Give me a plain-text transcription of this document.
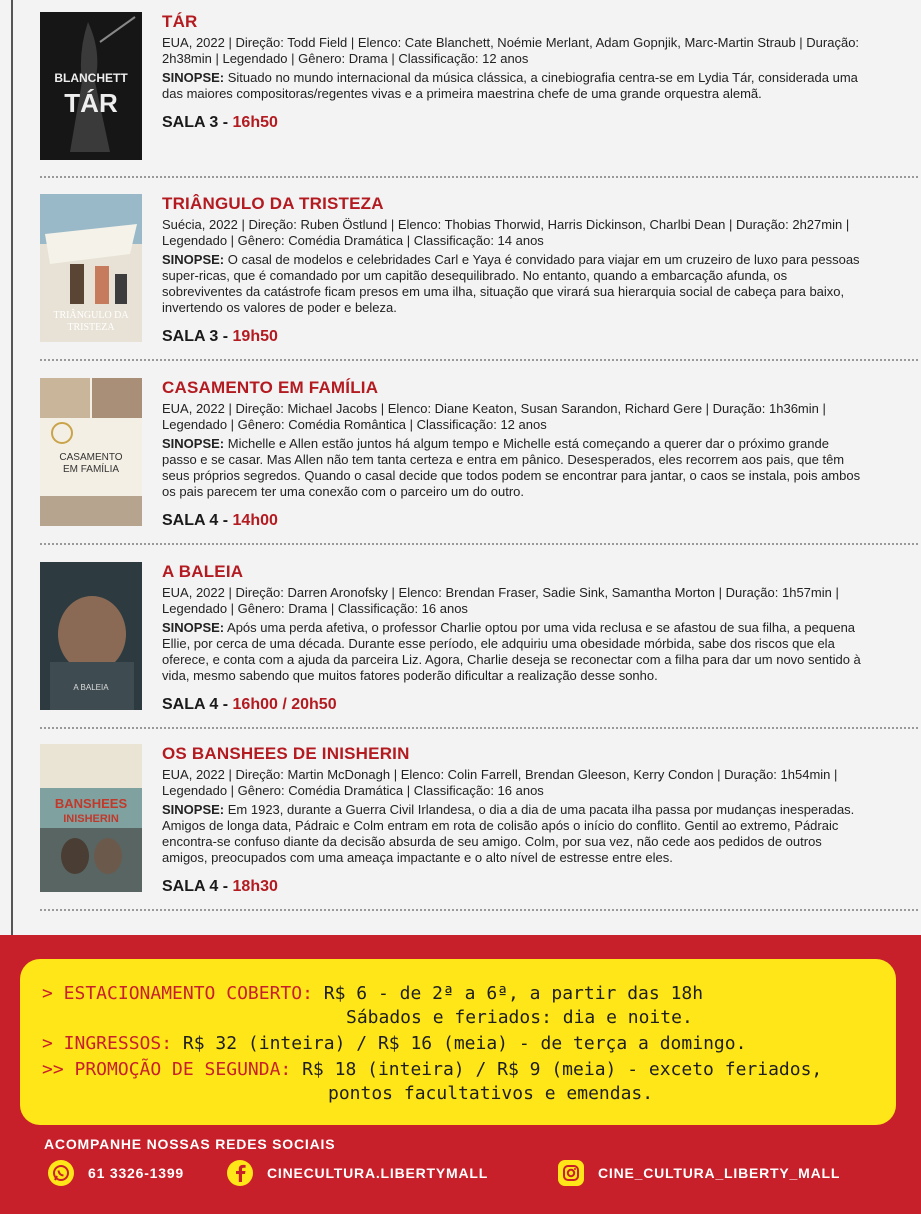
BLANCHETT
TÁR
TÁR
EUA, 2022 | Direção: Todd Field | Elenco: Cate Blanchett, Noémie Merlant, Adam Gopnjik, Marc-Martin Straub | Duração: 2h38min | Legendado | Gênero: Drama | Classificação: 12 anos
SINOPSE: Situado no mundo internacional da música clássica, a cinebiografia centra-se em Lydia Tár, considerada uma das maiores compositoras/regentes vivas e a primeira maestrina chefe de uma grande orquestra alemã.
SALA 3 - 16h50
TRIÂNGULO DA
TRISTEZA
TRIÂNGULO DA TRISTEZA
Suécia, 2022 | Direção: Ruben Östlund | Elenco: Thobias Thorwid, Harris Dickinson, Charlbi Dean | Duração: 2h27min | Legendado | Gênero: Comédia Dramática | Classificação: 14 anos
SINOPSE: O casal de modelos e celebridades Carl e Yaya é convidado para viajar em um cruzeiro de luxo para pessoas super-ricas, que é comandado por um capitão desequilibrado. No entanto, quando a embarcação afunda, os sobreviventes da catástrofe ficam presos em uma ilha, situação que virará sua hierarquia social de cabeça para baixo, invertendo os valores de poder e beleza.
SALA 3 - 19h50
CASAMENTO
EM FAMÍLIA
CASAMENTO EM FAMÍLIA
EUA, 2022 | Direção: Michael Jacobs | Elenco: Diane Keaton, Susan Sarandon, Richard Gere | Duração: 1h36min | Legendado | Gênero: Comédia Romântica | Classificação: 12 anos
SINOPSE: Michelle e Allen estão juntos há algum tempo e Michelle está começando a querer dar o próximo grande passo e se casar. Mas Allen não tem tanta certeza e entra em pânico. Desesperados, eles recorrem aos pais, que têm seus próprios segredos. Quando o casal decide que todos podem se encontrar para jantar, o caos se instala, pois ambos os pais parecem ter uma conexão com o parceiro um do outro.
SALA 4 - 14h00
A BALEIA
A BALEIA
EUA, 2022 | Direção: Darren Aronofsky | Elenco: Brendan Fraser, Sadie Sink, Samantha Morton | Duração: 1h57min | Legendado | Gênero: Drama | Classificação: 16 anos
SINOPSE: Após uma perda afetiva, o professor Charlie optou por uma vida reclusa e se afastou de sua filha, a pequena Ellie, por cerca de uma década. Durante esse período, ele adquiriu uma obesidade mórbida, sabe dos riscos que ela oferece, e conta com a ajuda da parceira Liz. Agora, Charlie deseja se reconectar com a filha para dar um novo sentido à vida, mesmo sabendo que muitos fatores poderão dificultar a realização desse sonho.
SALA 4 - 16h00 / 20h50
BANSHEES
INISHERIN
OS BANSHEES DE INISHERIN
EUA, 2022 | Direção: Martin McDonagh | Elenco: Colin Farrell, Brendan Gleeson, Kerry Condon | Duração: 1h54min | Legendado | Gênero: Comédia Dramática | Classificação: 16 anos
SINOPSE: Em 1923, durante a Guerra Civil Irlandesa, o dia a dia de uma pacata ilha passa por mudanças inesperadas. Amigos de longa data, Pádraic e Colm entram em rota de colisão após o início do conflito. Gentil ao extremo, Pádraic encontra-se confuso diante da decisão absurda de seu amigo. Colm, por sua vez, não cede aos pedidos de outros amigos, preocupados com uma ameaça impactante e o alto nível de estresse entre eles.
SALA 4 - 18h30
> ESTACIONAMENTO COBERTO: R$ 6 - de 2ª a 6ª, a partir das 18h
Sábados e feriados: dia e noite.
> INGRESSOS: R$ 32 (inteira) / R$ 16 (meia) - de terça a domingo.
>> PROMOÇÃO DE SEGUNDA: R$ 18 (inteira) / R$ 9 (meia) - exceto feriados,
pontos facultativos e emendas.
ACOMPANHE NOSSAS REDES SOCIAIS
61 3326-1399	CINECULTURA.LIBERTYMALL	CINE_CULTURA_LIBERTY_MALL
